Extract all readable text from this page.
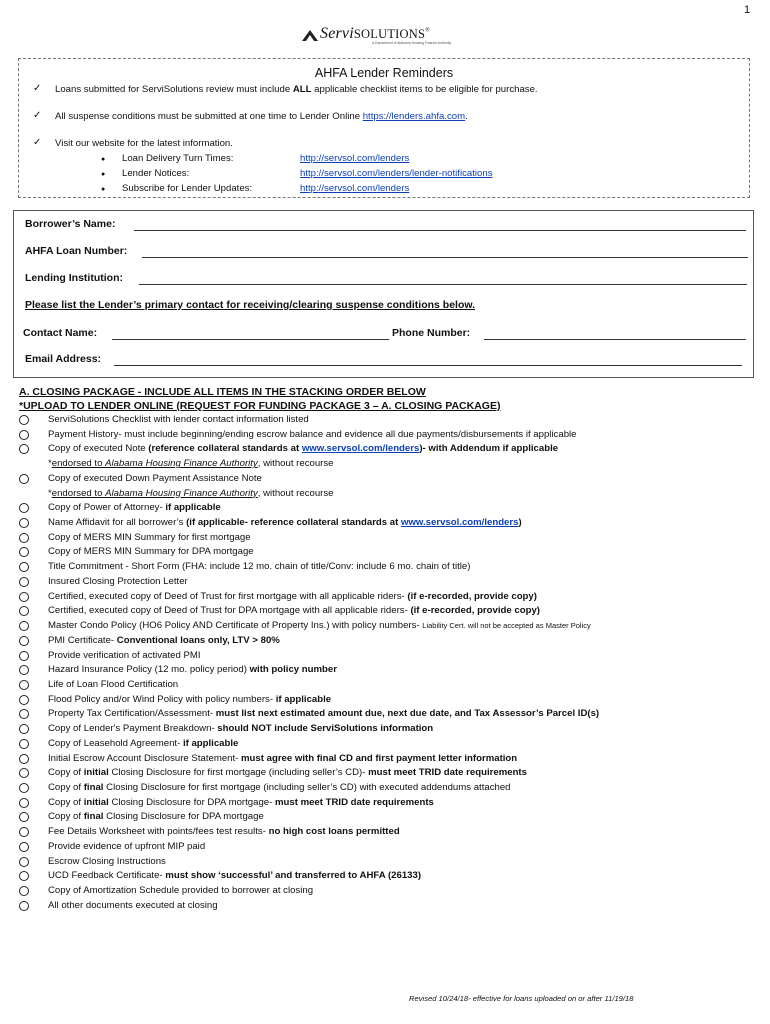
1
ServiSOLUTIONS®
A Department of Alabama Housing Finance Authority
AHFA Lender Reminders
✓ Loans submitted for ServiSolutions review must include ALL applicable checklist items to be eligible for purchase.
✓ All suspense conditions must be submitted at one time to Lender Online https://lenders.ahfa.com.
✓ Visit our website for the latest information.
● Loan Delivery Turn Times:	http://servsol.com/lenders
● Lender Notices:	http://servsol.com/lenders/lender-notifications
● Subscribe for Lender Updates:	http://servsol.com/lenders
Borrower’s Name:
AHFA Loan Number:
Lending Institution:
Please list the Lender’s primary contact for receiving/clearing suspense conditions below.
Contact Name:	Phone Number:
Email Address:
A. CLOSING PACKAGE - INCLUDE ALL ITEMS IN THE STACKING ORDER BELOW
*UPLOAD TO LENDER ONLINE (REQUEST FOR FUNDING PACKAGE 3 – A. CLOSING PACKAGE)
ServiSolutions Checklist with lender contact information listed
Payment History- must include beginning/ending escrow balance and evidence all due payments/disbursements if applicable
Copy of executed Note (reference collateral standards at www.servsol.com/lenders)- with Addendum if applicable
*endorsed to Alabama Housing Finance Authority, without recourse
Copy of executed Down Payment Assistance Note
*endorsed to Alabama Housing Finance Authority, without recourse
Copy of Power of Attorney- if applicable
Name Affidavit for all borrower’s (if applicable- reference collateral standards at www.servsol.com/lenders)
Copy of MERS MIN Summary for first mortgage
Copy of MERS MIN Summary for DPA mortgage
Title Commitment - Short Form (FHA: include 12 mo. chain of title/Conv: include 6 mo. chain of title)
Insured Closing Protection Letter
Certified, executed copy of Deed of Trust for first mortgage with all applicable riders- (if e-recorded, provide copy)
Certified, executed copy of Deed of Trust for DPA mortgage with all applicable riders- (if e-recorded, provide copy)
Master Condo Policy (HO6 Policy AND Certificate of Property Ins.) with policy numbers- Liability Cert. will not be accepted as Master Policy
PMI Certificate- Conventional loans only, LTV > 80%
Provide verification of activated PMI
Hazard Insurance Policy (12 mo. policy period) with policy number
Life of Loan Flood Certification
Flood Policy and/or Wind Policy with policy numbers- if applicable
Property Tax Certification/Assessment- must list next estimated amount due, next due date, and Tax Assessor’s Parcel ID(s)
Copy of Lender's Payment Breakdown- should NOT include ServiSolutions information
Copy of Leasehold Agreement- if applicable
Initial Escrow Account Disclosure Statement- must agree with final CD and first payment letter information
Copy of initial Closing Disclosure for first mortgage (including seller’s CD)- must meet TRID date requirements
Copy of final Closing Disclosure for first mortgage (including seller’s CD) with executed addendums attached
Copy of initial Closing Disclosure for DPA mortgage- must meet TRID date requirements
Copy of final Closing Disclosure for DPA mortgage
Fee Details Worksheet with points/fees test results- no high cost loans permitted
Provide evidence of upfront MIP paid
Escrow Closing Instructions
UCD Feedback Certificate- must show ‘successful’ and transferred to AHFA (26133)
Copy of Amortization Schedule provided to borrower at closing
All other documents executed at closing
Revised 10/24/18- effective for loans uploaded on or after 11/19/18
